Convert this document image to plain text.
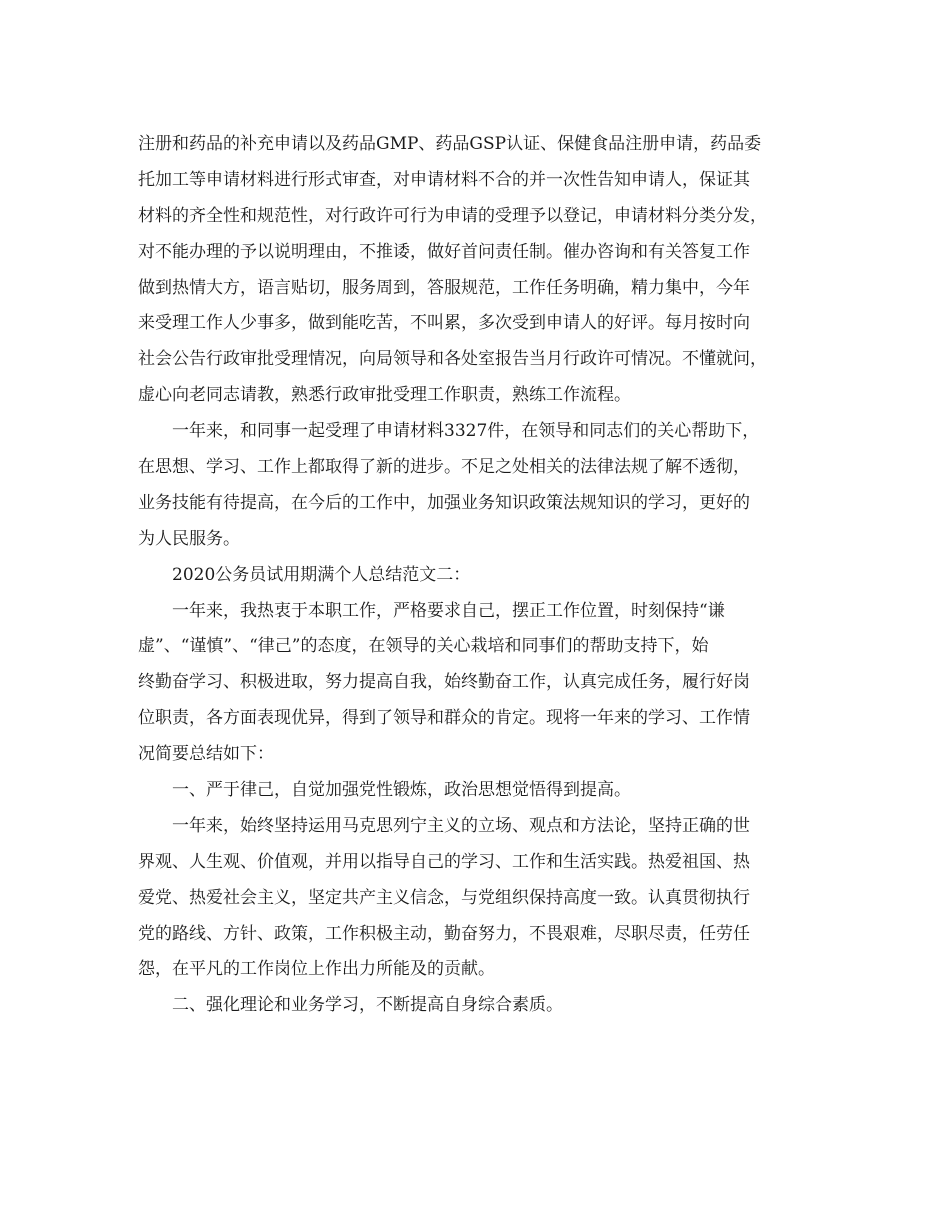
注册和药品的补充申请以及药品GMP、药品GSP认证、保健食品注册申请，药品委
托加工等申请材料进行形式审查，对申请材料不合的并一次性告知申请人，保证其
材料的齐全性和规范性，对行政许可行为申请的受理予以登记，申请材料分类分发，
对不能办理的予以说明理由，不推诿，做好首问责任制。催办咨询和有关答复工作
做到热情大方，语言贴切，服务周到，答服规范，工作任务明确，精力集中，今年
来受理工作人少事多，做到能吃苦，不叫累，多次受到申请人的好评。每月按时向
社会公告行政审批受理情况，向局领导和各处室报告当月行政许可情况。不懂就问，
虚心向老同志请教，熟悉行政审批受理工作职责，熟练工作流程。
一年来，和同事一起受理了申请材料3327件，在领导和同志们的关心帮助下，
在思想、学习、工作上都取得了新的进步。不足之处相关的法律法规了解不透彻，
业务技能有待提高，在今后的工作中，加强业务知识政策法规知识的学习，更好的
为人民服务。
2020公务员试用期满个人总结范文二：
一年来，我热衷于本职工作，严格要求自己，摆正工作位置，时刻保持“谦
虚”、“谨慎”、“律己”的态度，在领导的关心栽培和同事们的帮助支持下，始
终勤奋学习、积极进取，努力提高自我，始终勤奋工作，认真完成任务，履行好岗
位职责，各方面表现优异，得到了领导和群众的肯定。现将一年来的学习、工作情
况简要总结如下：
一、严于律己，自觉加强党性锻炼，政治思想觉悟得到提高。
一年来，始终坚持运用马克思列宁主义的立场、观点和方法论，坚持正确的世
界观、人生观、价值观，并用以指导自己的学习、工作和生活实践。热爱祖国、热
爱党、热爱社会主义，坚定共产主义信念，与党组织保持高度一致。认真贯彻执行
党的路线、方针、政策，工作积极主动，勤奋努力，不畏艰难，尽职尽责，任劳任
怨，在平凡的工作岗位上作出力所能及的贡献。
二、强化理论和业务学习，不断提高自身综合素质。
